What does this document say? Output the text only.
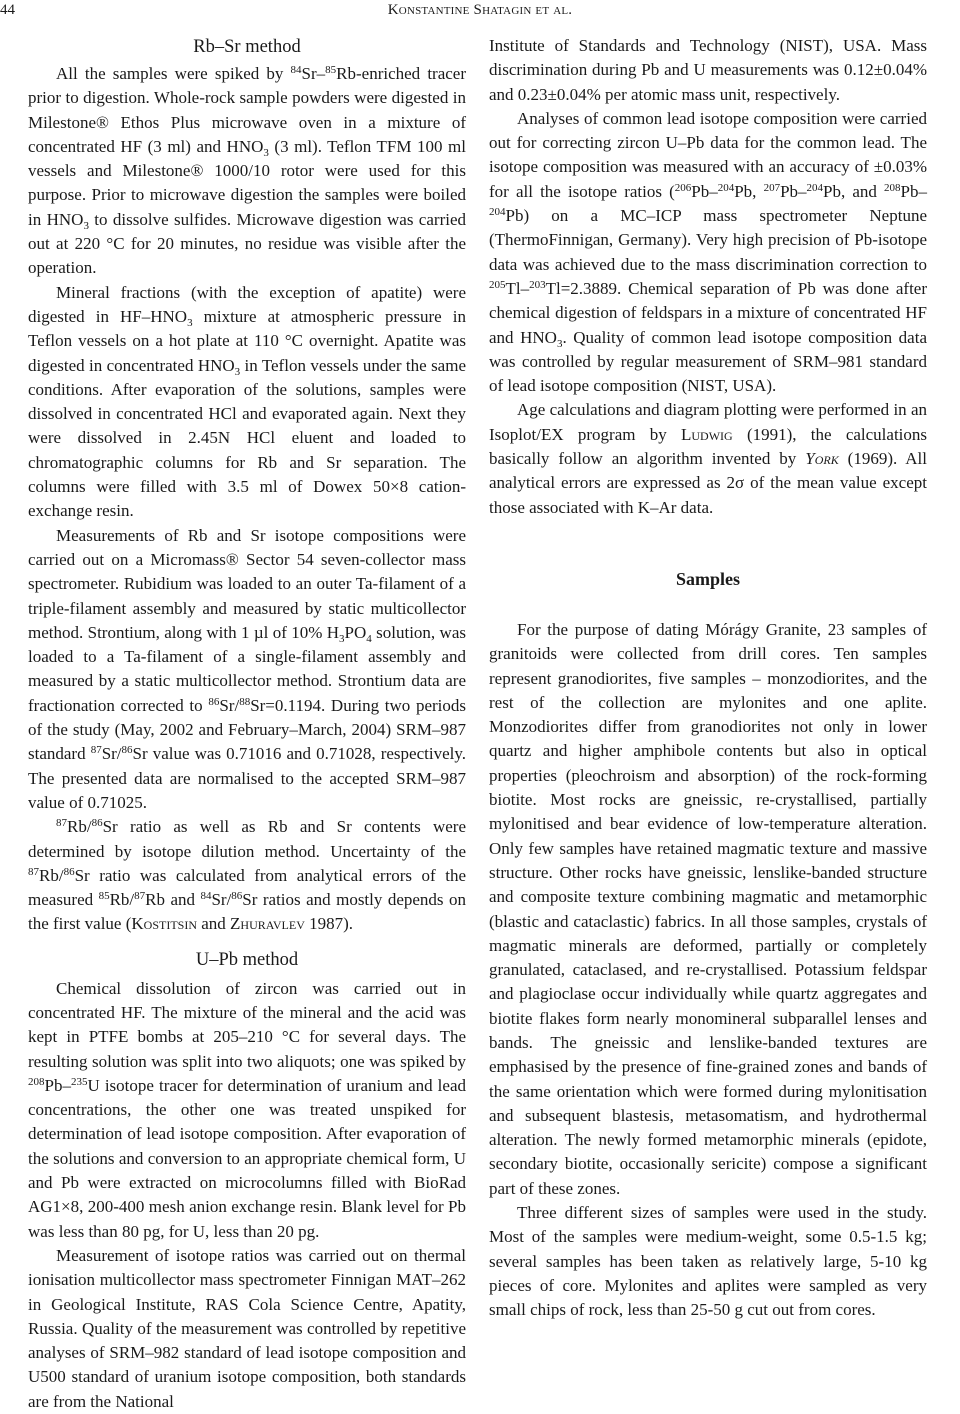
44	Konstantine Shatagin et al.
Rb–Sr method

All the samples were spiked by $^{84}$Sr–$^{85}$Rb-enriched tracer prior to digestion. Whole-rock sample powders were digested in Milestone® Ethos Plus microwave oven in a mixture of concentrated HF (3 ml) and $HNO_3$ (3 ml). Teflon TFM 100 ml vessels and Milestone® 1000/10 rotor were used for this purpose. Prior to microwave digestion the samples were boiled in $HNO_3$ to dissolve sulfides. Microwave digestion was carried out at 220 °C for 20 minutes, no residue was visible after the operation.

Mineral fractions (with the exception of apatite) were digested in $HF-HNO_3$ mixture at atmospheric pressure in Teflon vessels on a hot plate at 110 °C overnight. Apatite was digested in concentrated $HNO_3$ in Teflon vessels under the same conditions. After evaporation of the solutions, samples were dissolved in concentrated HCl and evaporated again. Next they were dissolved in 2.45N HCl eluent and loaded to chromatographic columns for Rb and Sr separation. The columns were filled with 3.5 ml of Dowex 50×8 cation-exchange resin.

Measurements of Rb and Sr isotope compositions were carried out on a Micromass® Sector 54 seven-collector mass spectrometer. Rubidium was loaded to an outer Ta-filament of a triple-filament assembly and measured by static multicollector method. Strontium, along with 1 µl of 10% $H_3PO_4$ solution, was loaded to a Ta-filament of a single-filament assembly and measured by a static multicollector method. Strontium data are fractionation corrected to $^{86}$Sr/$^{88}$Sr=0.1194. During two periods of the study (May, 2002 and February–March, 2004) SRM–987 standard $^{87}$Sr/$^{86}$Sr value was 0.71016 and 0.71028, respectively. The presented data are normalised to the accepted SRM–987 value of 0.71025.

$^{87}$Rb/$^{86}$Sr ratio as well as Rb and Sr contents were determined by isotope dilution method. Uncertainty of the $^{87}$Rb/$^{86}$Sr ratio was calculated from analytical errors of the measured $^{85}$Rb/$^{87}$Rb and $^{84}$Sr/$^{86}$Sr ratios and mostly depends on the first value (Kostitsin and Zhuravlev 1987).

U–Pb method

Chemical dissolution of zircon was carried out in concentrated HF. The mixture of the mineral and the acid was kept in PTFE bombs at 205–210 °C for several days. The resulting solution was split into two aliquots; one was spiked by $^{208}$Pb–$^{235}$U isotope tracer for determination of uranium and lead concentrations, the other one was treated unspiked for determination of lead isotope composition. After evaporation of the solutions and conversion to an appropriate chemical form, U and Pb were extracted on microcolumns filled with BioRad AG1×8, 200-400 mesh anion exchange resin. Blank level for Pb was less than 80 pg, for U, less than 20 pg.

Measurement of isotope ratios was carried out on thermal ionisation multicollector mass spectrometer Finnigan MAT–262 in Geological Institute, RAS Cola Science Centre, Apatity, Russia. Quality of the measurement was controlled by repetitive analyses of SRM–982 standard of lead isotope composition and U500 standard of uranium isotope composition, both standards are from the National

Institute of Standards and Technology (NIST), USA. Mass discrimination during Pb and U measurements was 0.12±0.04% and 0.23±0.04% per atomic mass unit, respectively.

Analyses of common lead isotope composition were carried out for correcting zircon U–Pb data for the common lead. The isotope composition was measured with an accuracy of ±0.03% for all the isotope ratios ($^{206}$Pb–$^{204}$Pb, $^{207}$Pb–$^{204}$Pb, and $^{208}$Pb–$^{204}$Pb) on a MC–ICP mass spectrometer Neptune (ThermoFinnigan, Germany). Very high precision of Pb-isotope data was achieved due to the mass discrimination correction to $^{205}$Tl–$^{203}$Tl=2.3889. Chemical separation of Pb was done after chemical digestion of feldspars in a mixture of concentrated HF and $HNO_3$. Quality of common lead isotope composition data was controlled by regular measurement of SRM–981 standard of lead isotope composition (NIST, USA).

Age calculations and diagram plotting were performed in an Isoplot/EX program by Ludwig (1991), the calculations basically follow an algorithm invented by York (1969). All analytical errors are expressed as 2σ of the mean value except those associated with K–Ar data.

Samples

For the purpose of dating Mórágy Granite, 23 samples of granitoids were collected from drill cores. Ten samples represent granodiorites, five samples – monzodiorites, and the rest of the collection are mylonites and one aplite. Monzodiorites differ from granodiorites not only in lower quartz and higher amphibole contents but also in optical properties (pleochroism and absorption) of the rock-forming biotite. Most rocks are gneissic, re-crystallised, partially mylonitised and bear evidence of low-temperature alteration. Only few samples have retained magmatic texture and massive structure. Other rocks have gneissic, lenslike-banded structure and composite texture combining magmatic and metamorphic (blastic and cataclastic) fabrics. In all those samples, crystals of magmatic minerals are deformed, partially or completely granulated, cataclased, and re-crystallised. Potassium feldspar and plagioclase occur individually while quartz aggregates and biotite flakes form nearly monomineral subparallel lenses and bands. The gneissic and lenslike-banded textures are emphasised by the presence of fine-grained zones and bands of the same orientation which were formed during mylonitisation and subsequent blastesis, metasomatism, and hydrothermal alteration. The newly formed metamorphic minerals (epidote, secondary biotite, occasionally sericite) compose a significant part of these zones.

Three different sizes of samples were used in the study. Most of the samples were medium-weight, some 0.5-1.5 kg; several samples has been taken as relatively large, 5-10 kg pieces of core. Mylonites and aplites were sampled as very small chips of rock, less than 25-50 g cut out from cores.
